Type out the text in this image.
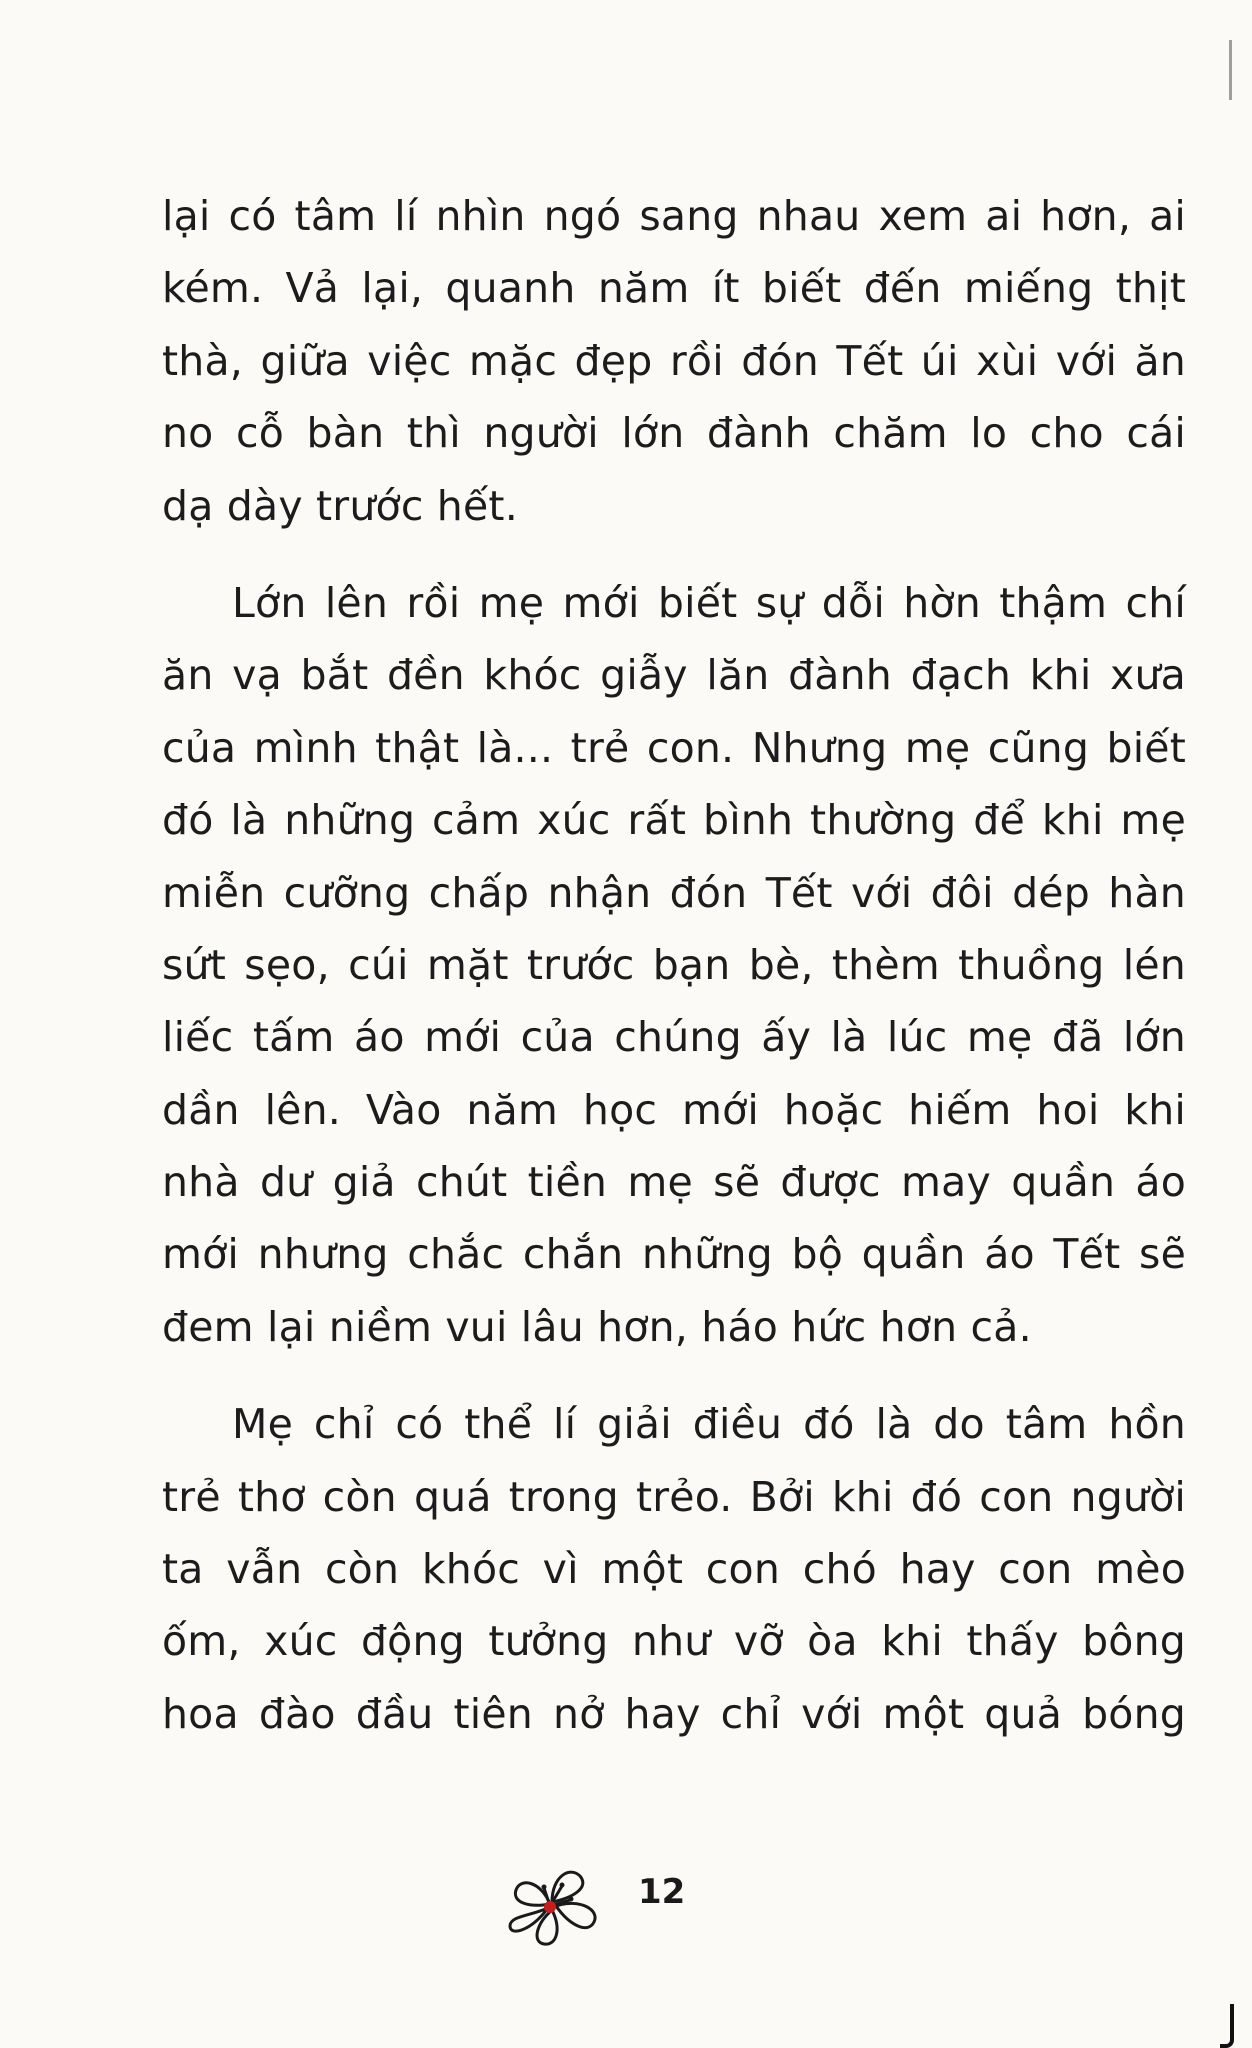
lại có tâm lí nhìn ngó sang nhau xem ai hơn, ai
kém. Vả lại, quanh năm ít biết đến miếng thịt
thà, giữa việc mặc đẹp rồi đón Tết úi xùi với ăn
no cỗ bàn thì người lớn đành chăm lo cho cái
dạ dày trước hết.
Lớn lên rồi mẹ mới biết sự dỗi hờn thậm chí
ăn vạ bắt đền khóc giẫy lăn đành đạch khi xưa
của mình thật là... trẻ con. Nhưng mẹ cũng biết
đó là những cảm xúc rất bình thường để khi mẹ
miễn cưỡng chấp nhận đón Tết với đôi dép hàn
sứt sẹo, cúi mặt trước bạn bè, thèm thuồng lén
liếc tấm áo mới của chúng ấy là lúc mẹ đã lớn
dần lên. Vào năm học mới hoặc hiếm hoi khi
nhà dư giả chút tiền mẹ sẽ được may quần áo
mới nhưng chắc chắn những bộ quần áo Tết sẽ
đem lại niềm vui lâu hơn, háo hức hơn cả.
Mẹ chỉ có thể lí giải điều đó là do tâm hồn
trẻ thơ còn quá trong trẻo. Bởi khi đó con người
ta vẫn còn khóc vì một con chó hay con mèo
ốm, xúc động tưởng như vỡ òa khi thấy bông
hoa đào đầu tiên nở hay chỉ với một quả bóng
12
